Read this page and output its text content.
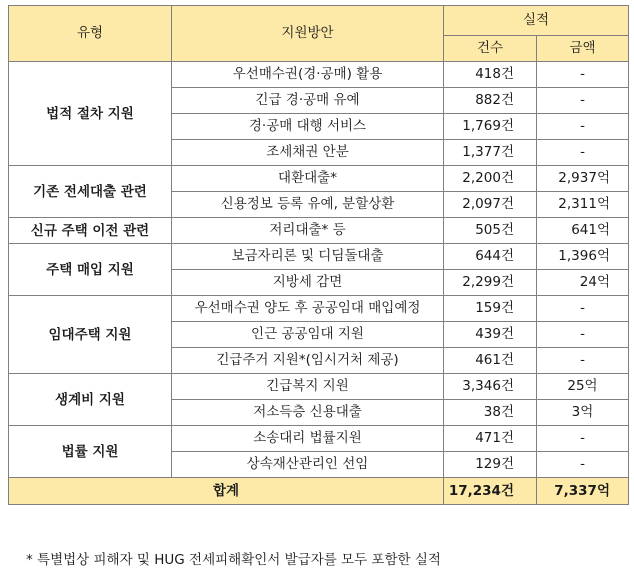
유형	지원방안	실적	
		건수	금액
법적 절차 지원	우선매수권(경·공매) 활용	418건	-
	긴급 경·공매 유예	882건	-
	경·공매 대행 서비스	1,769건	-
	조세채권 안분	1,377건	-
기존 전세대출 관련	대환대출*	2,200건	2,937억
	신용정보 등록 유예, 분할상환	2,097건	2,311억
신규 주택 이전 관련	저리대출* 등	505건	641억
주택 매입 지원	보금자리론 및 디딤돌대출	644건	1,396억
	지방세 감면	2,299건	24억
임대주택 지원	우선매수권 양도 후 공공임대 매입예정	159건	-
	인근 공공임대 지원	439건	-
	긴급주거 지원*(임시거처 제공)	461건	-
생계비 지원	긴급복지 지원	3,346건	25억
	저소득층 신용대출	38건	3억
법률 지원	소송대리 법률지원	471건	-
	상속재산관리인 선임	129건	-
합계		17,234건	7,337억
* 특별법상 피해자 및 HUG 전세피해확인서 발급자를 모두 포함한 실적
